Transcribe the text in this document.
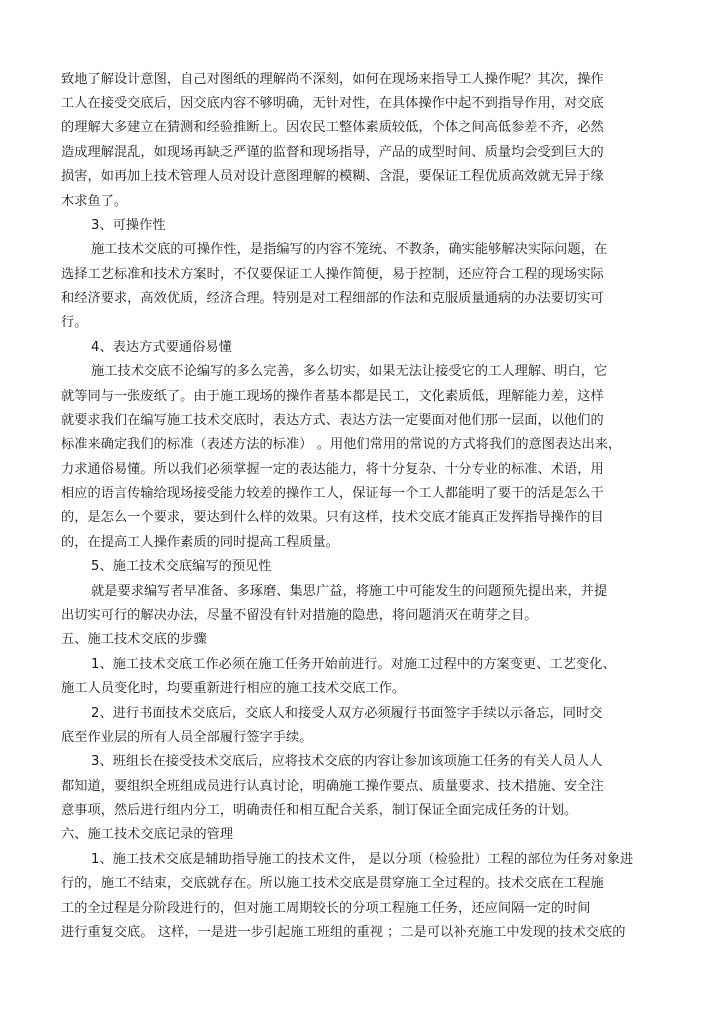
致地了解设计意图，自己对图纸的理解尚不深刻，如何在现场来指导工人操作呢？其次，操作
工人在接受交底后，因交底内容不够明确，无针对性，在具体操作中起不到指导作用，对交底
的理解大多建立在猜测和经验推断上。因农民工整体素质较低，个体之间高低参差不齐，必然
造成理解混乱，如现场再缺乏严谨的监督和现场指导，产品的成型时间、质量均会受到巨大的
损害，如再加上技术管理人员对设计意图理解的模糊、含混，要保证工程优质高效就无异于缘
木求鱼了。
3、可操作性
施工技术交底的可操作性，是指编写的内容不笼统、不教条，确实能够解决实际问题，在
选择工艺标准和技术方案时，不仅要保证工人操作简便，易于控制，还应符合工程的现场实际
和经济要求，高效优质，经济合理。特别是对工程细部的作法和克服质量通病的办法要切实可
行。
4、表达方式要通俗易懂
施工技术交底不论编写的多么完善，多么切实，如果无法让接受它的工人理解、明白，它
就等同与一张废纸了。由于施工现场的操作者基本都是民工，文化素质低，理解能力差，这样
就要求我们在编写施工技术交底时，表达方式、表达方法一定要面对他们那一层面，以他们的
标准来确定我们的标准（表述方法的标准） 。用他们常用的常说的方式将我们的意图表达出来，
力求通俗易懂。所以我们必须掌握一定的表达能力，将十分复杂、十分专业的标准、术语，用
相应的语言传输给现场接受能力较差的操作工人，保证每一个工人都能明了要干的活是怎么干
的，是怎么一个要求，要达到什么样的效果。只有这样，技术交底才能真正发挥指导操作的目
的，在提高工人操作素质的同时提高工程质量。
5、施工技术交底编写的预见性
就是要求编写者早准备、多琢磨、集思广益，将施工中可能发生的问题预先提出来，并提
出切实可行的解决办法，尽量不留没有针对措施的隐患，将问题消灭在萌芽之目。
五、施工技术交底的步骤
1、施工技术交底工作必须在施工任务开始前进行。对施工过程中的方案变更、工艺变化、
施工人员变化时，均要重新进行相应的施工技术交底工作。
2、进行书面技术交底后，交底人和接受人双方必须履行书面签字手续以示备忘，同时交
底至作业层的所有人员全部履行签字手续。
3、班组长在接受技术交底后，应将技术交底的内容让参加该项施工任务的有关人员人人
都知道，要组织全班组成员进行认真讨论，明确施工操作要点、质量要求、技术措施、安全注
意事项，然后进行组内分工，明确责任和相互配合关系，制订保证全面完成任务的计划。
六、施工技术交底记录的管理
1、施工技术交底是辅助指导施工的技术文件， 是以分项（检验批）工程的部位为任务对象进
行的，施工不结束，交底就存在。所以施工技术交底是贯穿施工全过程的。技术交底在工程施
工的全过程是分阶段进行的，但对施工周期较长的分项工程施工任务，还应间隔一定的时间
进行重复交底。 这样，一是进一步引起施工班组的重视 ；二是可以补充施工中发现的技术交底的
